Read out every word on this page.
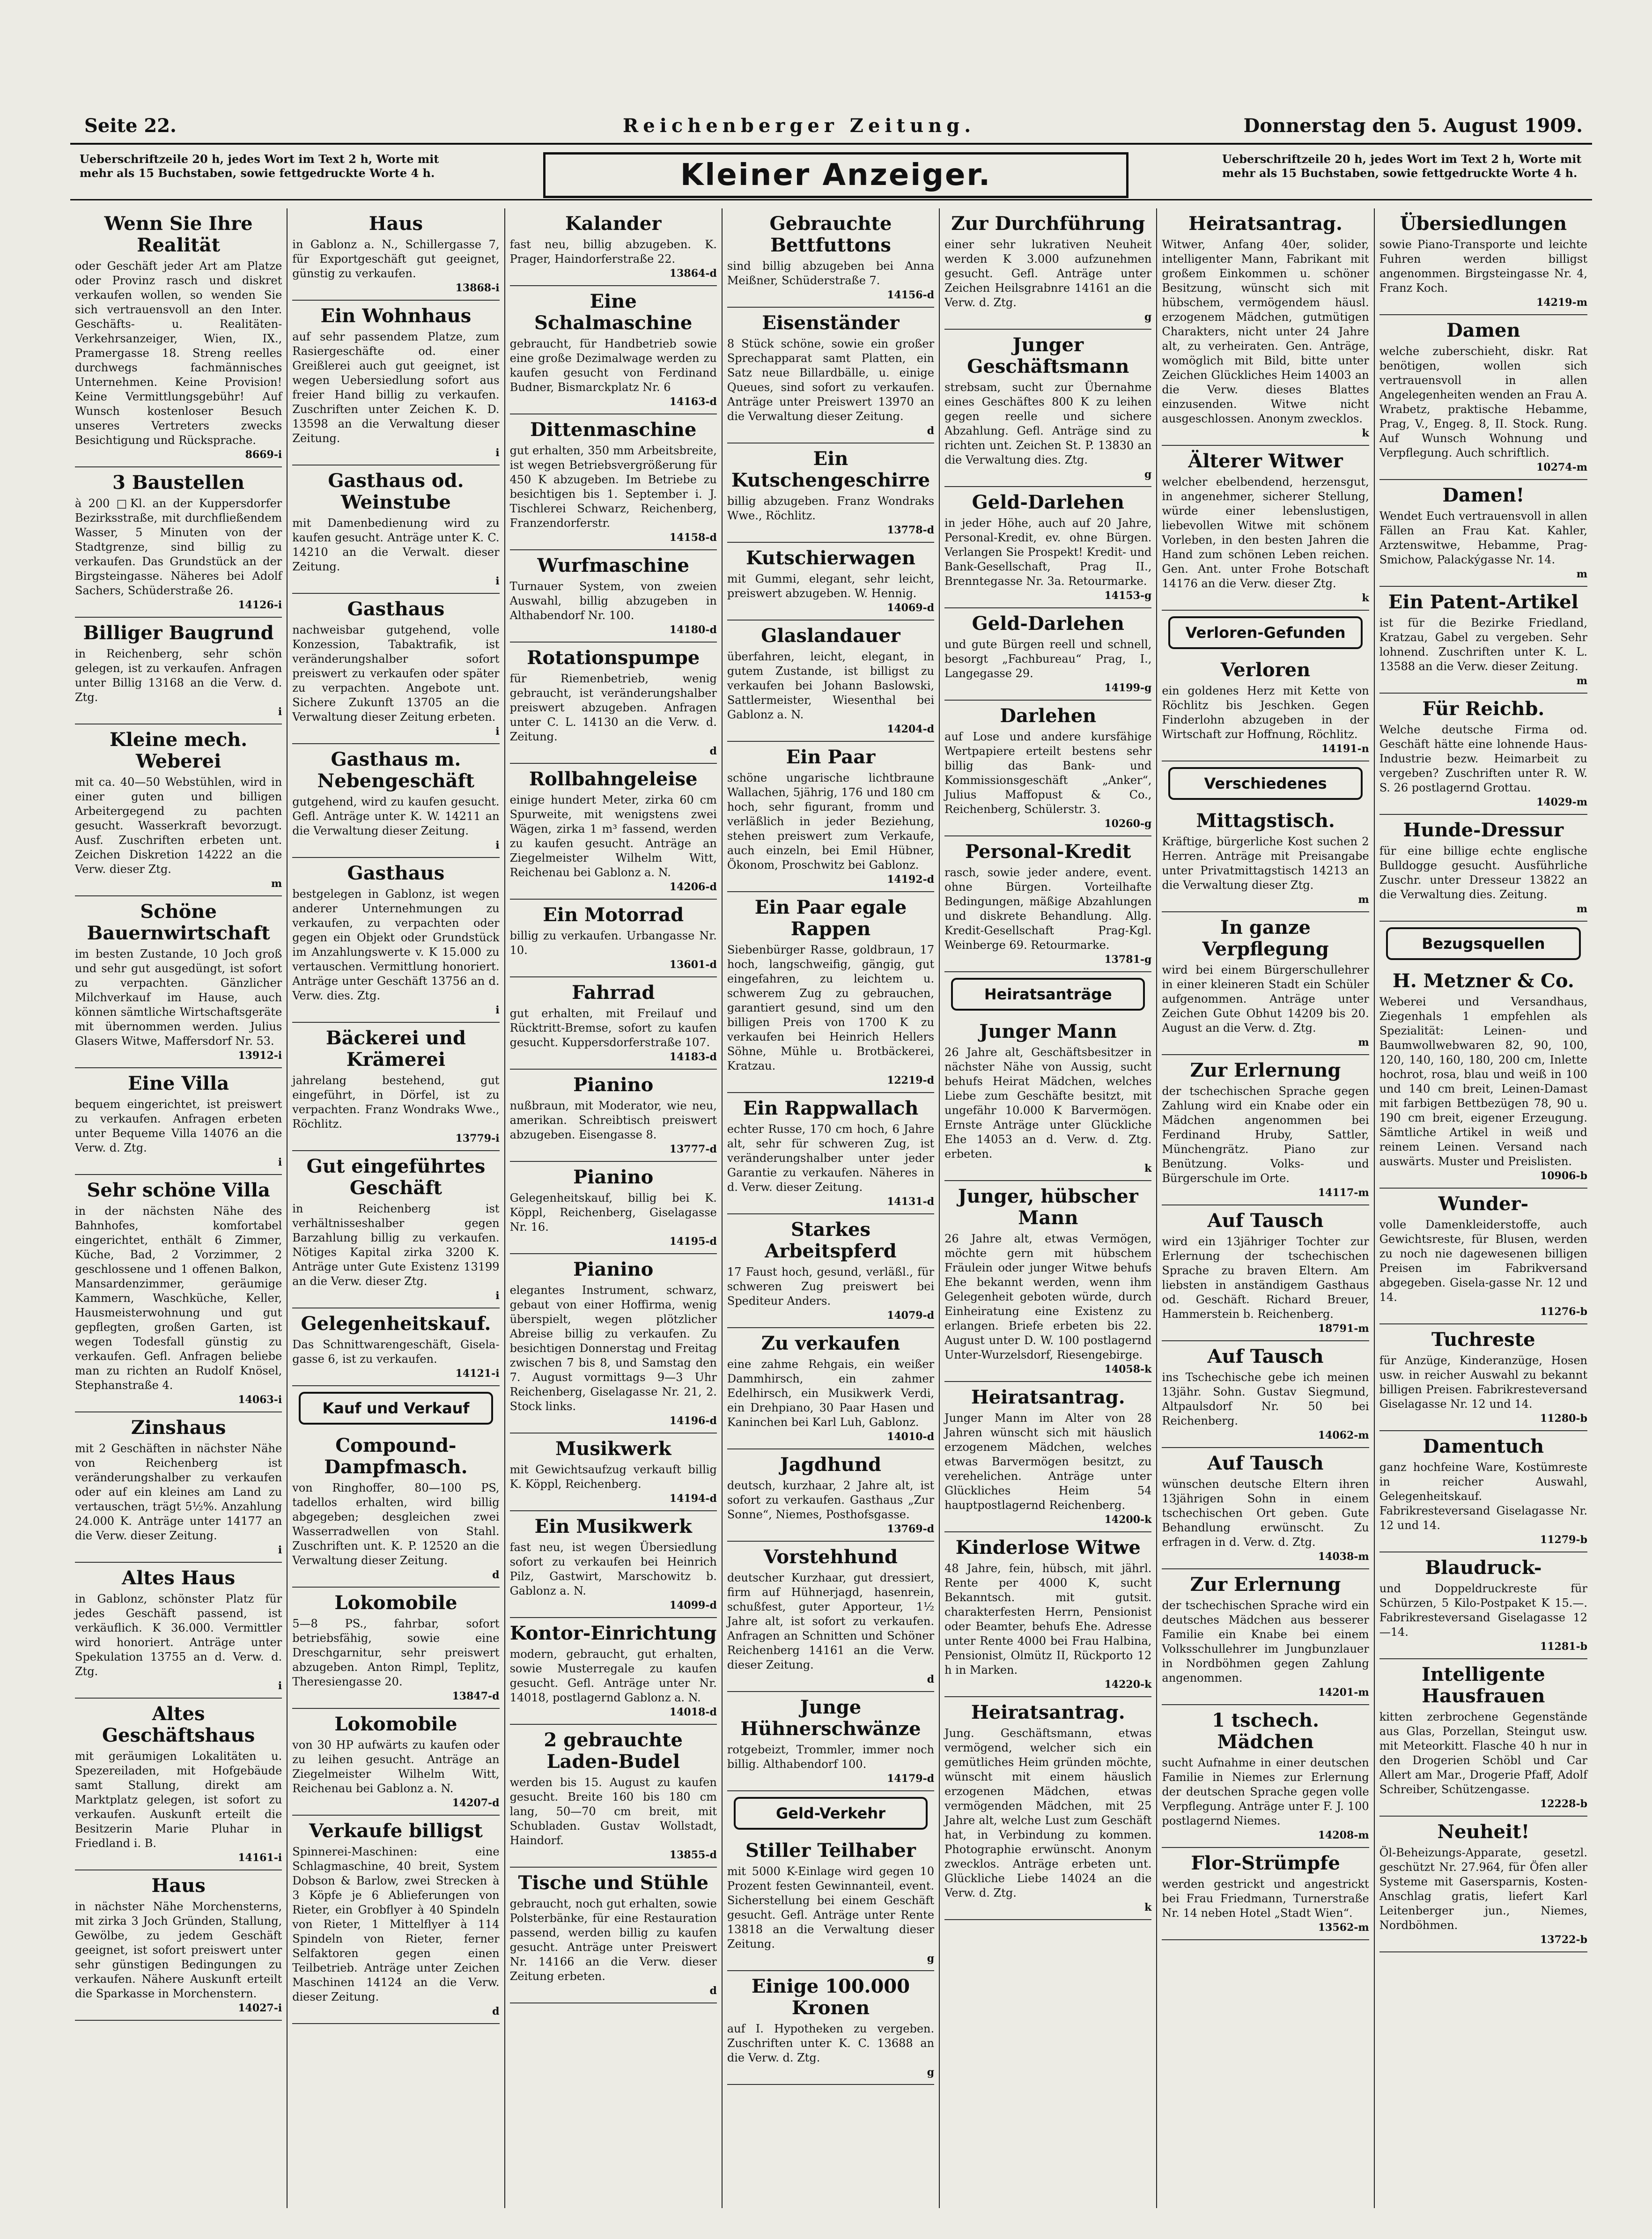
Seite 22.	Reichenberger Zeitung.	Donnerstag den 5. August 1909.
Ueberschriftzeile 20 h, jedes Wort im Text 2 h, Worte mit mehr als 15 Buchstaben, sowie fettgedruckte Worte 4 h.	Kleiner Anzeiger.	Ueberschriftzeile 20 h, jedes Wort im Text 2 h, Worte mit mehr als 15 Buchstaben, sowie fettgedruckte Worte 4 h.
Wenn Sie Ihre Realität

oder Geschäft jeder Art am Platze oder Provinz rasch und diskret verkaufen wollen, so wenden Sie sich vertrauensvoll an den Inter. Geschäfts- u. Realitäten-Verkehrsanzeiger, Wien, IX., Pramergasse 18. Streng reelles durchwegs fachmännisches Unternehmen. Keine Provision! Keine Vermittlungsgebühr! Auf Wunsch kostenloser Besuch unseres Vertreters zwecks Besichtigung und Rücksprache.

8669-i
3 Baustellen

à 200 □Kl. an der Kuppersdorfer Bezirksstraße, mit durchfließendem Wasser, 5 Minuten von der Stadtgrenze, sind billig zu verkaufen. Das Grundstück an der Birgsteingasse. Näheres bei Adolf Sachers, Schüderstraße 26.

14126-i
Billiger Baugrund

in Reichenberg, sehr schön gelegen, ist zu verkaufen. Anfragen unter Billig 13168 an die Verw. d. Ztg.

i
Kleine mech. Weberei

mit ca. 40—50 Webstühlen, wird in einer guten und billigen Arbeitergegend zu pachten gesucht. Wasserkraft bevorzugt. Ausf. Zuschriften erbeten unt. Zeichen Diskretion 14222 an die Verw. dieser Ztg.

m
Schöne Bauernwirtschaft

im besten Zustande, 10 Joch groß und sehr gut ausgedüngt, ist sofort zu verpachten. Gänzlicher Milchverkauf im Hause, auch können sämtliche Wirtschaftsgeräte mit übernommen werden. Julius Glasers Witwe, Maffersdorf Nr. 53.

13912-i
Eine Villa

bequem eingerichtet, ist preiswert zu verkaufen. Anfragen erbeten unter Bequeme Villa 14076 an die Verw. d. Ztg.

i
Sehr schöne Villa

in der nächsten Nähe des Bahnhofes, komfortabel eingerichtet, enthält 6 Zimmer, Küche, Bad, 2 Vorzimmer, 2 geschlossene und 1 offenen Balkon, Mansardenzimmer, geräumige Kammern, Waschküche, Keller, Hausmeisterwohnung und gut gepflegten, großen Garten, ist wegen Todesfall günstig zu verkaufen. Gefl. Anfragen beliebe man zu richten an Rudolf Knösel, Stephanstraße 4.

14063-i
Zinshaus

mit 2 Geschäften in nächster Nähe von Reichenberg ist veränderungshalber zu verkaufen oder auf ein kleines am Land zu vertauschen, trägt 5½%. Anzahlung 24.000 K. Anträge unter 14177 an die Verw. dieser Zeitung.

i
Altes Haus

in Gablonz, schönster Platz für jedes Geschäft passend, ist verkäuflich. K 36.000. Vermittler wird honoriert. Anträge unter Spekulation 13755 an d. Verw. d. Ztg.

i
Altes Geschäftshaus

mit geräumigen Lokalitäten u. Spezereiladen, mit Hofgebäude samt Stallung, direkt am Marktplatz gelegen, ist sofort zu verkaufen. Auskunft erteilt die Besitzerin Marie Pluhar in Friedland i. B.

14161-i
Haus

in nächster Nähe Morchensterns, mit zirka 3 Joch Gründen, Stallung, Gewölbe, zu jedem Geschäft geeignet, ist sofort preiswert unter sehr günstigen Bedingungen zu verkaufen. Nähere Auskunft erteilt die Sparkasse in Morchenstern.

14027-i
Haus

in Gablonz a. N., Schillergasse 7, für Exportgeschäft gut geeignet, günstig zu verkaufen.

13868-i
Ein Wohnhaus

auf sehr passendem Platze, zum Rasiergeschäfte od. einer Greißlerei auch gut geeignet, ist wegen Uebersiedlung sofort aus freier Hand billig zu verkaufen. Zuschriften unter Zeichen K. D. 13598 an die Verwaltung dieser Zeitung.

i
Gasthaus od. Weinstube

mit Damenbedienung wird zu kaufen gesucht. Anträge unter K. C. 14210 an die Verwalt. dieser Zeitung.

i
Gasthaus

nachweisbar gutgehend, volle Konzession, Tabaktrafik, ist veränderungshalber sofort preiswert zu verkaufen oder später zu verpachten. Angebote unt. Sichere Zukunft 13705 an die Verwaltung dieser Zeitung erbeten.

i
Gasthaus m. Nebengeschäft

gutgehend, wird zu kaufen gesucht. Gefl. Anträge unter K. W. 14211 an die Verwaltung dieser Zeitung.

i
Gasthaus

bestgelegen in Gablonz, ist wegen anderer Unternehmungen zu verkaufen, zu verpachten oder gegen ein Objekt oder Grundstück im Anzahlungswerte v. K 15.000 zu vertauschen. Vermittlung honoriert. Anträge unter Geschäft 13756 an d. Verw. dies. Ztg.

i
Bäckerei und Krämerei

jahrelang bestehend, gut eingeführt, in Dörfel, ist zu verpachten. Franz Wondraks Wwe., Röchlitz.

13779-i
Gut eingeführtes Geschäft

in Reichenberg ist verhältnisseshalber gegen Barzahlung billig zu verkaufen. Nötiges Kapital zirka 3200 K. Anträge unter Gute Existenz 13199 an die Verw. dieser Ztg.

i
Gelegenheitskauf.

Das Schnittwarengeschäft, Gisela-gasse 6, ist zu verkaufen.

14121-i
Kauf und Verkauf
Compound-Dampfmasch.

von Ringhoffer, 80—100 PS, tadellos erhalten, wird billig abgegeben; desgleichen zwei Wasserradwellen von Stahl. Zuschriften unt. K. P. 12520 an die Verwaltung dieser Zeitung.

d
Lokomobile

5—8 PS., fahrbar, sofort betriebsfähig, sowie eine Dreschgarnitur, sehr preiswert abzugeben. Anton Rimpl, Teplitz, Theresiengasse 20.

13847-d
Lokomobile

von 30 HP aufwärts zu kaufen oder zu leihen gesucht. Anträge an Ziegelmeister Wilhelm Witt, Reichenau bei Gablonz a. N.

14207-d
Verkaufe billigst

Spinnerei-Maschinen: eine Schlagmaschine, 40 breit, System Dobson & Barlow, zwei Strecken à 3 Köpfe je 6 Ablieferungen von Rieter, ein Grobflyer à 40 Spindeln von Rieter, 1 Mittelflyer à 114 Spindeln von Rieter, ferner Selfaktoren gegen einen Teilbetrieb. Anträge unter Zeichen Maschinen 14124 an die Verw. dieser Zeitung.

d
Kalander

fast neu, billig abzugeben. K. Prager, Haindorferstraße 22.

13864-d
Eine Schalmaschine

gebraucht, für Handbetrieb sowie eine große Dezimalwage werden zu kaufen gesucht von Ferdinand Budner, Bismarckplatz Nr. 6

14163-d
Dittenmaschine

gut erhalten, 350 mm Arbeitsbreite, ist wegen Betriebsvergrößerung für 450 K abzugeben. Im Betriebe zu besichtigen bis 1. September i. J. Tischlerei Schwarz, Reichenberg, Franzendorferstr.

14158-d
Wurfmaschine

Turnauer System, von zweien Auswahl, billig abzugeben in Althabendorf Nr. 100.

14180-d
Rotationspumpe

für Riemenbetrieb, wenig gebraucht, ist veränderungshalber preiswert abzugeben. Anfragen unter C. L. 14130 an die Verw. d. Zeitung.

d
Rollbahngeleise

einige hundert Meter, zirka 60 cm Spurweite, mit wenigstens zwei Wägen, zirka 1 m³ fassend, werden zu kaufen gesucht. Anträge an Ziegelmeister Wilhelm Witt, Reichenau bei Gablonz a. N.

14206-d
Ein Motorrad

billig zu verkaufen. Urbangasse Nr. 10.

13601-d
Fahrrad

gut erhalten, mit Freilauf und Rücktritt-Bremse, sofort zu kaufen gesucht. Kuppersdorferstraße 107.

14183-d
Pianino

nußbraun, mit Moderator, wie neu, amerikan. Schreibtisch preiswert abzugeben. Eisengasse 8.

13777-d
Pianino

Gelegenheitskauf, billig bei K. Köppl, Reichenberg, Giselagasse Nr. 16.

14195-d
Pianino

elegantes Instrument, schwarz, gebaut von einer Hoffirma, wenig überspielt, wegen plötzlicher Abreise billig zu verkaufen. Zu besichtigen Donnerstag und Freitag zwischen 7 bis 8, und Samstag den 7. August vormittags 9—3 Uhr Reichenberg, Giselagasse Nr. 21, 2. Stock links.

14196-d
Musikwerk

mit Gewichtsaufzug verkauft billig K. Köppl, Reichenberg.

14194-d
Ein Musikwerk

fast neu, ist wegen Übersiedlung sofort zu verkaufen bei Heinrich Pilz, Gastwirt, Marschowitz b. Gablonz a. N.

14099-d
Kontor-Einrichtung

modern, gebraucht, gut erhalten, sowie Musterregale zu kaufen gesucht. Gefl. Anträge unter Nr. 14018, postlagernd Gablonz a. N.

14018-d
2 gebrauchte Laden-Budel

werden bis 15. August zu kaufen gesucht. Breite 160 bis 180 cm lang, 50—70 cm breit, mit Schubladen. Gustav Wollstadt, Haindorf.

13855-d
Tische und Stühle

gebraucht, noch gut erhalten, sowie Polsterbänke, für eine Restauration passend, werden billig zu kaufen gesucht. Anträge unter Preiswert Nr. 14166 an die Verw. dieser Zeitung erbeten.

d
Gebrauchte Bettfuttons

sind billig abzugeben bei Anna Meißner, Schüderstraße 7.

14156-d
Eisenständer

8 Stück schöne, sowie ein großer Sprechapparat samt Platten, ein Satz neue Billardbälle, u. einige Queues, sind sofort zu verkaufen. Anträge unter Preiswert 13970 an die Verwaltung dieser Zeitung.

d
Ein Kutschengeschirre

billig abzugeben. Franz Wondraks Wwe., Röchlitz.

13778-d
Kutschierwagen

mit Gummi, elegant, sehr leicht, preiswert abzugeben. W. Hennig.

14069-d
Glaslandauer

überfahren, leicht, elegant, in gutem Zustande, ist billigst zu verkaufen bei Johann Baslowski, Sattlermeister, Wiesenthal bei Gablonz a. N.

14204-d
Ein Paar

schöne ungarische lichtbraune Wallachen, 5jährig, 176 und 180 cm hoch, sehr figurant, fromm und verläßlich in jeder Beziehung, stehen preiswert zum Verkaufe, auch einzeln, bei Emil Hübner, Ökonom, Proschwitz bei Gablonz.

14192-d
Ein Paar egale Rappen

Siebenbürger Rasse, goldbraun, 17 hoch, langschweifig, gängig, gut eingefahren, zu leichtem u. schwerem Zug zu gebrauchen, garantiert gesund, sind um den billigen Preis von 1700 K zu verkaufen bei Heinrich Hellers Söhne, Mühle u. Brotbäckerei, Kratzau.

12219-d
Ein Rappwallach

echter Russe, 170 cm hoch, 6 Jahre alt, sehr für schweren Zug, ist veränderungshalber unter jeder Garantie zu verkaufen. Näheres in d. Verw. dieser Zeitung.

14131-d
Starkes Arbeitspferd

17 Faust hoch, gesund, verläßl., für schweren Zug preiswert bei Spediteur Anders.

14079-d
Zu verkaufen

eine zahme Rehgais, ein weißer Dammhirsch, ein zahmer Edelhirsch, ein Musikwerk Verdi, ein Drehpiano, 30 Paar Hasen und Kaninchen bei Karl Luh, Gablonz.

14010-d
Jagdhund

deutsch, kurzhaar, 2 Jahre alt, ist sofort zu verkaufen. Gasthaus „Zur Sonne“, Niemes, Posthofsgasse.

13769-d
Vorstehhund

deutscher Kurzhaar, gut dressiert, firm auf Hühnerjagd, hasenrein, schußfest, guter Apporteur, 1½ Jahre alt, ist sofort zu verkaufen. Anfragen an Schnitten und Schöner Reichenberg 14161 an die Verw. dieser Zeitung.

d
Junge Hühnerschwänze

rotgebeizt, Trommler, immer noch billig. Althabendorf 100.

14179-d
Geld-Verkehr
Stiller Teilhaber

mit 5000 K-Einlage wird gegen 10 Prozent festen Gewinnanteil, event. Sicherstellung bei einem Geschäft gesucht. Gefl. Anträge unter Rente 13818 an die Verwaltung dieser Zeitung.

g
Einige 100.000 Kronen

auf I. Hypotheken zu vergeben. Zuschriften unter K. C. 13688 an die Verw. d. Ztg.

g
Zur Durchführung

einer sehr lukrativen Neuheit werden K 3.000 aufzunehmen gesucht. Gefl. Anträge unter Zeichen Heilsgrabnre 14161 an die Verw. d. Ztg.

g
Junger Geschäftsmann

strebsam, sucht zur Übernahme eines Geschäftes 800 K zu leihen gegen reelle und sichere Abzahlung. Gefl. Anträge sind zu richten unt. Zeichen St. P. 13830 an die Verwaltung dies. Ztg.

g
Geld-Darlehen

in jeder Höhe, auch auf 20 Jahre, Personal-Kredit, ev. ohne Bürgen. Verlangen Sie Prospekt! Kredit- und Bank-Gesellschaft, Prag II., Brenntegasse Nr. 3a. Retourmarke.

14153-g
Geld-Darlehen

und gute Bürgen reell und schnell, besorgt „Fachbureau“ Prag, I., Langegasse 29.

14199-g
Darlehen

auf Lose und andere kursfähige Wertpapiere erteilt bestens sehr billig das Bank- und Kommissionsgeschäft „Anker“, Julius Maffopust & Co., Reichenberg, Schülerstr. 3.

10260-g
Personal-Kredit

rasch, sowie jeder andere, event. ohne Bürgen. Vorteilhafte Bedingungen, mäßige Abzahlungen und diskrete Behandlung. Allg. Kredit-Gesellschaft Prag-Kgl. Weinberge 69. Retourmarke.

13781-g
Heiratsanträge
Junger Mann

26 Jahre alt, Geschäftsbesitzer in nächster Nähe von Aussig, sucht behufs Heirat Mädchen, welches Liebe zum Geschäfte besitzt, mit ungefähr 10.000 K Barvermögen. Ernste Anträge unter Glückliche Ehe 14053 an d. Verw. d. Ztg. erbeten.

k
Junger, hübscher Mann

26 Jahre alt, etwas Vermögen, möchte gern mit hübschem Fräulein oder junger Witwe behufs Ehe bekannt werden, wenn ihm Gelegenheit geboten würde, durch Einheiratung eine Existenz zu erlangen. Briefe erbeten bis 22. August unter D. W. 100 postlagernd Unter-Wurzelsdorf, Riesengebirge.

14058-k
Heiratsantrag.

Junger Mann im Alter von 28 Jahren wünscht sich mit häuslich erzogenem Mädchen, welches etwas Barvermögen besitzt, zu verehelichen. Anträge unter Glückliches Heim 54 hauptpostlagernd Reichenberg.

14200-k
Kinderlose Witwe

48 Jahre, fein, hübsch, mit jährl. Rente per 4000 K, sucht Bekanntsch. mit gutsit. charakterfesten Herrn, Pensionist oder Beamter, behufs Ehe. Adresse unter Rente 4000 bei Frau Halbina, Pensionist, Olmütz II, Rückporto 12 h in Marken.

14220-k
Heiratsantrag.

Jung. Geschäftsmann, etwas vermögend, welcher sich ein gemütliches Heim gründen möchte, wünscht mit einem häuslich erzogenen Mädchen, etwas vermögenden Mädchen, mit 25 Jahre alt, welche Lust zum Geschäft hat, in Verbindung zu kommen. Photographie erwünscht. Anonym zwecklos. Anträge erbeten unt. Glückliche Liebe 14024 an die Verw. d. Ztg.

k
Heiratsantrag.

Witwer, Anfang 40er, solider, intelligenter Mann, Fabrikant mit großem Einkommen u. schöner Besitzung, wünscht sich mit hübschem, vermögendem häusl. erzogenem Mädchen, gutmütigen Charakters, nicht unter 24 Jahre alt, zu verheiraten. Gen. Anträge, womöglich mit Bild, bitte unter Zeichen Glückliches Heim 14003 an die Verw. dieses Blattes einzusenden. Witwe nicht ausgeschlossen. Anonym zwecklos.

k
Älterer Witwer

welcher ebelbendend, herzensgut, in angenehmer, sicherer Stellung, würde einer lebenslustigen, liebevollen Witwe mit schönem Vorleben, in den besten Jahren die Hand zum schönen Leben reichen. Gen. Ant. unter Frohe Botschaft 14176 an die Verw. dieser Ztg.

k
Verloren-Gefunden
Verloren

ein goldenes Herz mit Kette von Röchlitz bis Jeschken. Gegen Finderlohn abzugeben in der Wirtschaft zur Hoffnung, Röchlitz.

14191-n
Verschiedenes
Mittagstisch.

Kräftige, bürgerliche Kost suchen 2 Herren. Anträge mit Preisangabe unter Privatmittagstisch 14213 an die Verwaltung dieser Ztg.

m
In ganze Verpflegung

wird bei einem Bürgerschullehrer in einer kleineren Stadt ein Schüler aufgenommen. Anträge unter Zeichen Gute Obhut 14209 bis 20. August an die Verw. d. Ztg.

m
Zur Erlernung

der tschechischen Sprache gegen Zahlung wird ein Knabe oder ein Mädchen angenommen bei Ferdinand Hruby, Sattler, Münchengrätz. Piano zur Benützung. Volks- und Bürgerschule im Orte.

14117-m
Auf Tausch

wird ein 13jähriger Tochter zur Erlernung der tschechischen Sprache zu braven Eltern. Am liebsten in anständigem Gasthaus od. Geschäft. Richard Breuer, Hammerstein b. Reichenberg.

18791-m
Auf Tausch

ins Tschechische gebe ich meinen 13jähr. Sohn. Gustav Siegmund, Altpaulsdorf Nr. 50 bei Reichenberg.

14062-m
Auf Tausch

wünschen deutsche Eltern ihren 13jährigen Sohn in einem tschechischen Ort geben. Gute Behandlung erwünscht. Zu erfragen in d. Verw. d. Ztg.

14038-m
Zur Erlernung

der tschechischen Sprache wird ein deutsches Mädchen aus besserer Familie ein Knabe bei einem Volksschullehrer im Jungbunzlauer in Nordböhmen gegen Zahlung angenommen.

14201-m
1 tschech. Mädchen

sucht Aufnahme in einer deutschen Familie in Niemes zur Erlernung der deutschen Sprache gegen volle Verpflegung. Anträge unter F. J. 100 postlagernd Niemes.

14208-m
Flor-Strümpfe

werden gestrickt und angestrickt bei Frau Friedmann, Turnerstraße Nr. 14 neben Hotel „Stadt Wien“.

13562-m
Übersiedlungen

sowie Piano-Transporte und leichte Fuhren werden billigst angenommen. Birgsteingasse Nr. 4, Franz Koch.

14219-m
Damen

welche zuberschieht, diskr. Rat benötigen, wollen sich vertrauensvoll in allen Angelegenheiten wenden an Frau A. Wrabetz, praktische Hebamme, Prag, V., Engeg. 8, II. Stock. Rung. Auf Wunsch Wohnung und Verpflegung. Auch schriftlich.

10274-m
Damen!

Wendet Euch vertrauensvoll in allen Fällen an Frau Kat. Kahler, Arztenswitwe, Hebamme, Prag-Smichow, Palackýgasse Nr. 14.

m
Ein Patent-Artikel

ist für die Bezirke Friedland, Kratzau, Gabel zu vergeben. Sehr lohnend. Zuschriften unter K. L. 13588 an die Verw. dieser Zeitung.

m
Für Reichb.

Welche deutsche Firma od. Geschäft hätte eine lohnende Haus-Industrie bezw. Heimarbeit zu vergeben? Zuschriften unter R. W. S. 26 postlagernd Grottau.

14029-m
Hunde-Dressur

für eine billige echte englische Bulldogge gesucht. Ausführliche Zuschr. unter Dresseur 13822 an die Verwaltung dies. Zeitung.

m
Bezugsquellen
H. Metzner & Co.

Weberei und Versandhaus, Ziegenhals 1 empfehlen als Spezialität: Leinen- und Baumwollwebwaren 82, 90, 100, 120, 140, 160, 180, 200 cm, Inlette hochrot, rosa, blau und weiß in 100 und 140 cm breit, Leinen-Damast mit farbigen Bettbezügen 78, 90 u. 190 cm breit, eigener Erzeugung. Sämtliche Artikel in weiß und reinem Leinen. Versand nach auswärts. Muster und Preislisten.

10906-b
Wunder-

volle Damenkleiderstoffe, auch Gewichtsreste, für Blusen, werden zu noch nie dagewesenen billigen Preisen im Fabrikversand abgegeben. Gisela-gasse Nr. 12 und 14.

11276-b
Tuchreste

für Anzüge, Kinderanzüge, Hosen usw. in reicher Auswahl zu bekannt billigen Preisen. Fabrikresteversand Giselagasse Nr. 12 und 14.

11280-b
Damentuch

ganz hochfeine Ware, Kostümreste in reicher Auswahl, Gelegenheitskauf. Fabrikresteversand Giselagasse Nr. 12 und 14.

11279-b
Blaudruck-

und Doppeldruckreste für Schürzen, 5 Kilo-Postpaket K 15.—. Fabrikresteversand Giselagasse 12—14.

11281-b
Intelligente Hausfrauen

kitten zerbrochene Gegenstände aus Glas, Porzellan, Steingut usw. mit Meteorkitt. Flasche 40 h nur in den Drogerien Schöbl und Car Allert am Mar., Drogerie Pfaff, Adolf Schreiber, Schützengasse.

12228-b
Neuheit!

Öl-Beheizungs-Apparate, gesetzl. geschützt Nr. 27.964, für Öfen aller Systeme mit Gasersparnis, Kosten-Anschlag gratis, liefert Karl Leitenberger jun., Niemes, Nordböhmen.

13722-b
